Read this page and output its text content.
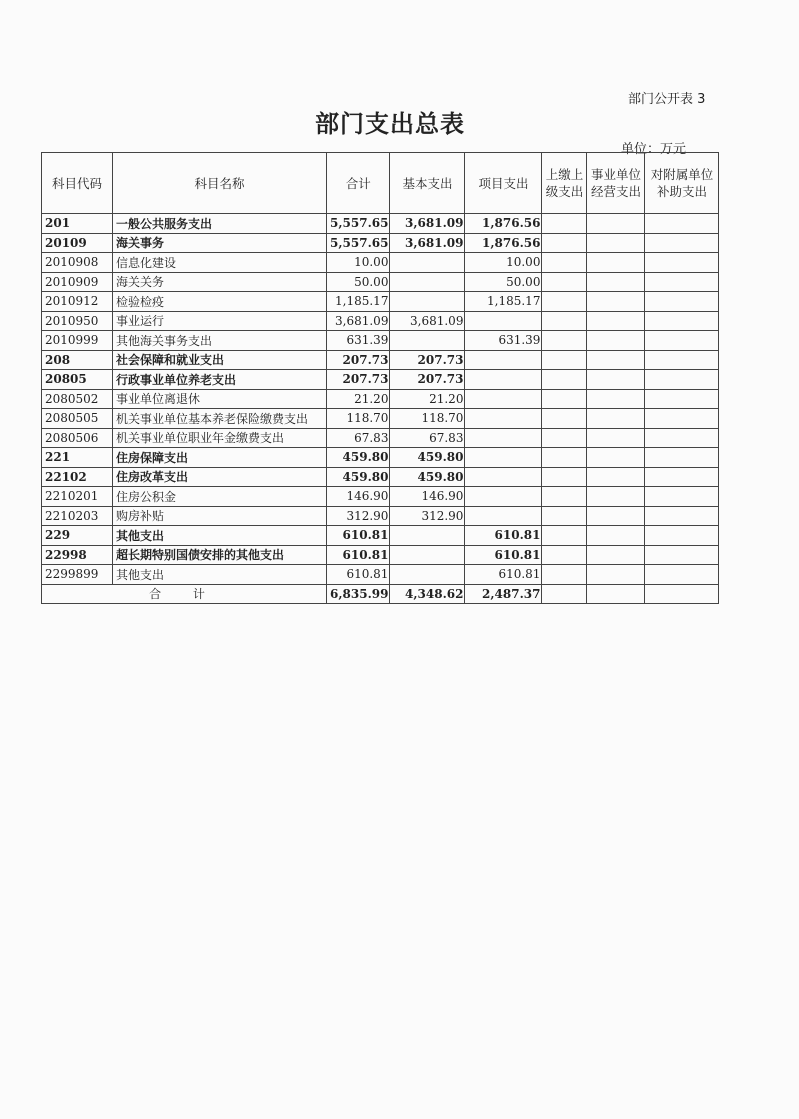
部门公开表 3
部门支出总表
单位：万元
科目代码	科目名称	合计	基本支出	项目支出	上缴上级支出	事业单位经营支出	对附属单位补助支出
201	一般公共服务支出	5,557.65	3,681.09	1,876.56			
20109	海关事务	5,557.65	3,681.09	1,876.56			
2010908	信息化建设	10.00		10.00			
2010909	海关关务	50.00		50.00			
2010912	检验检疫	1,185.17		1,185.17			
2010950	事业运行	3,681.09	3,681.09				
2010999	其他海关事务支出	631.39		631.39			
208	社会保障和就业支出	207.73	207.73				
20805	行政事业单位养老支出	207.73	207.73				
2080502	事业单位离退休	21.20	21.20				
2080505	机关事业单位基本养老保险缴费支出	118.70	118.70				
2080506	机关事业单位职业年金缴费支出	67.83	67.83				
221	住房保障支出	459.80	459.80				
22102	住房改革支出	459.80	459.80				
2210201	住房公积金	146.90	146.90				
2210203	购房补贴	312.90	312.90				
229	其他支出	610.81		610.81			
22998	超长期特别国债安排的其他支出	610.81		610.81			
2299899	其他支出	610.81		610.81			
合 计		6,835.99	4,348.62	2,487.37			
